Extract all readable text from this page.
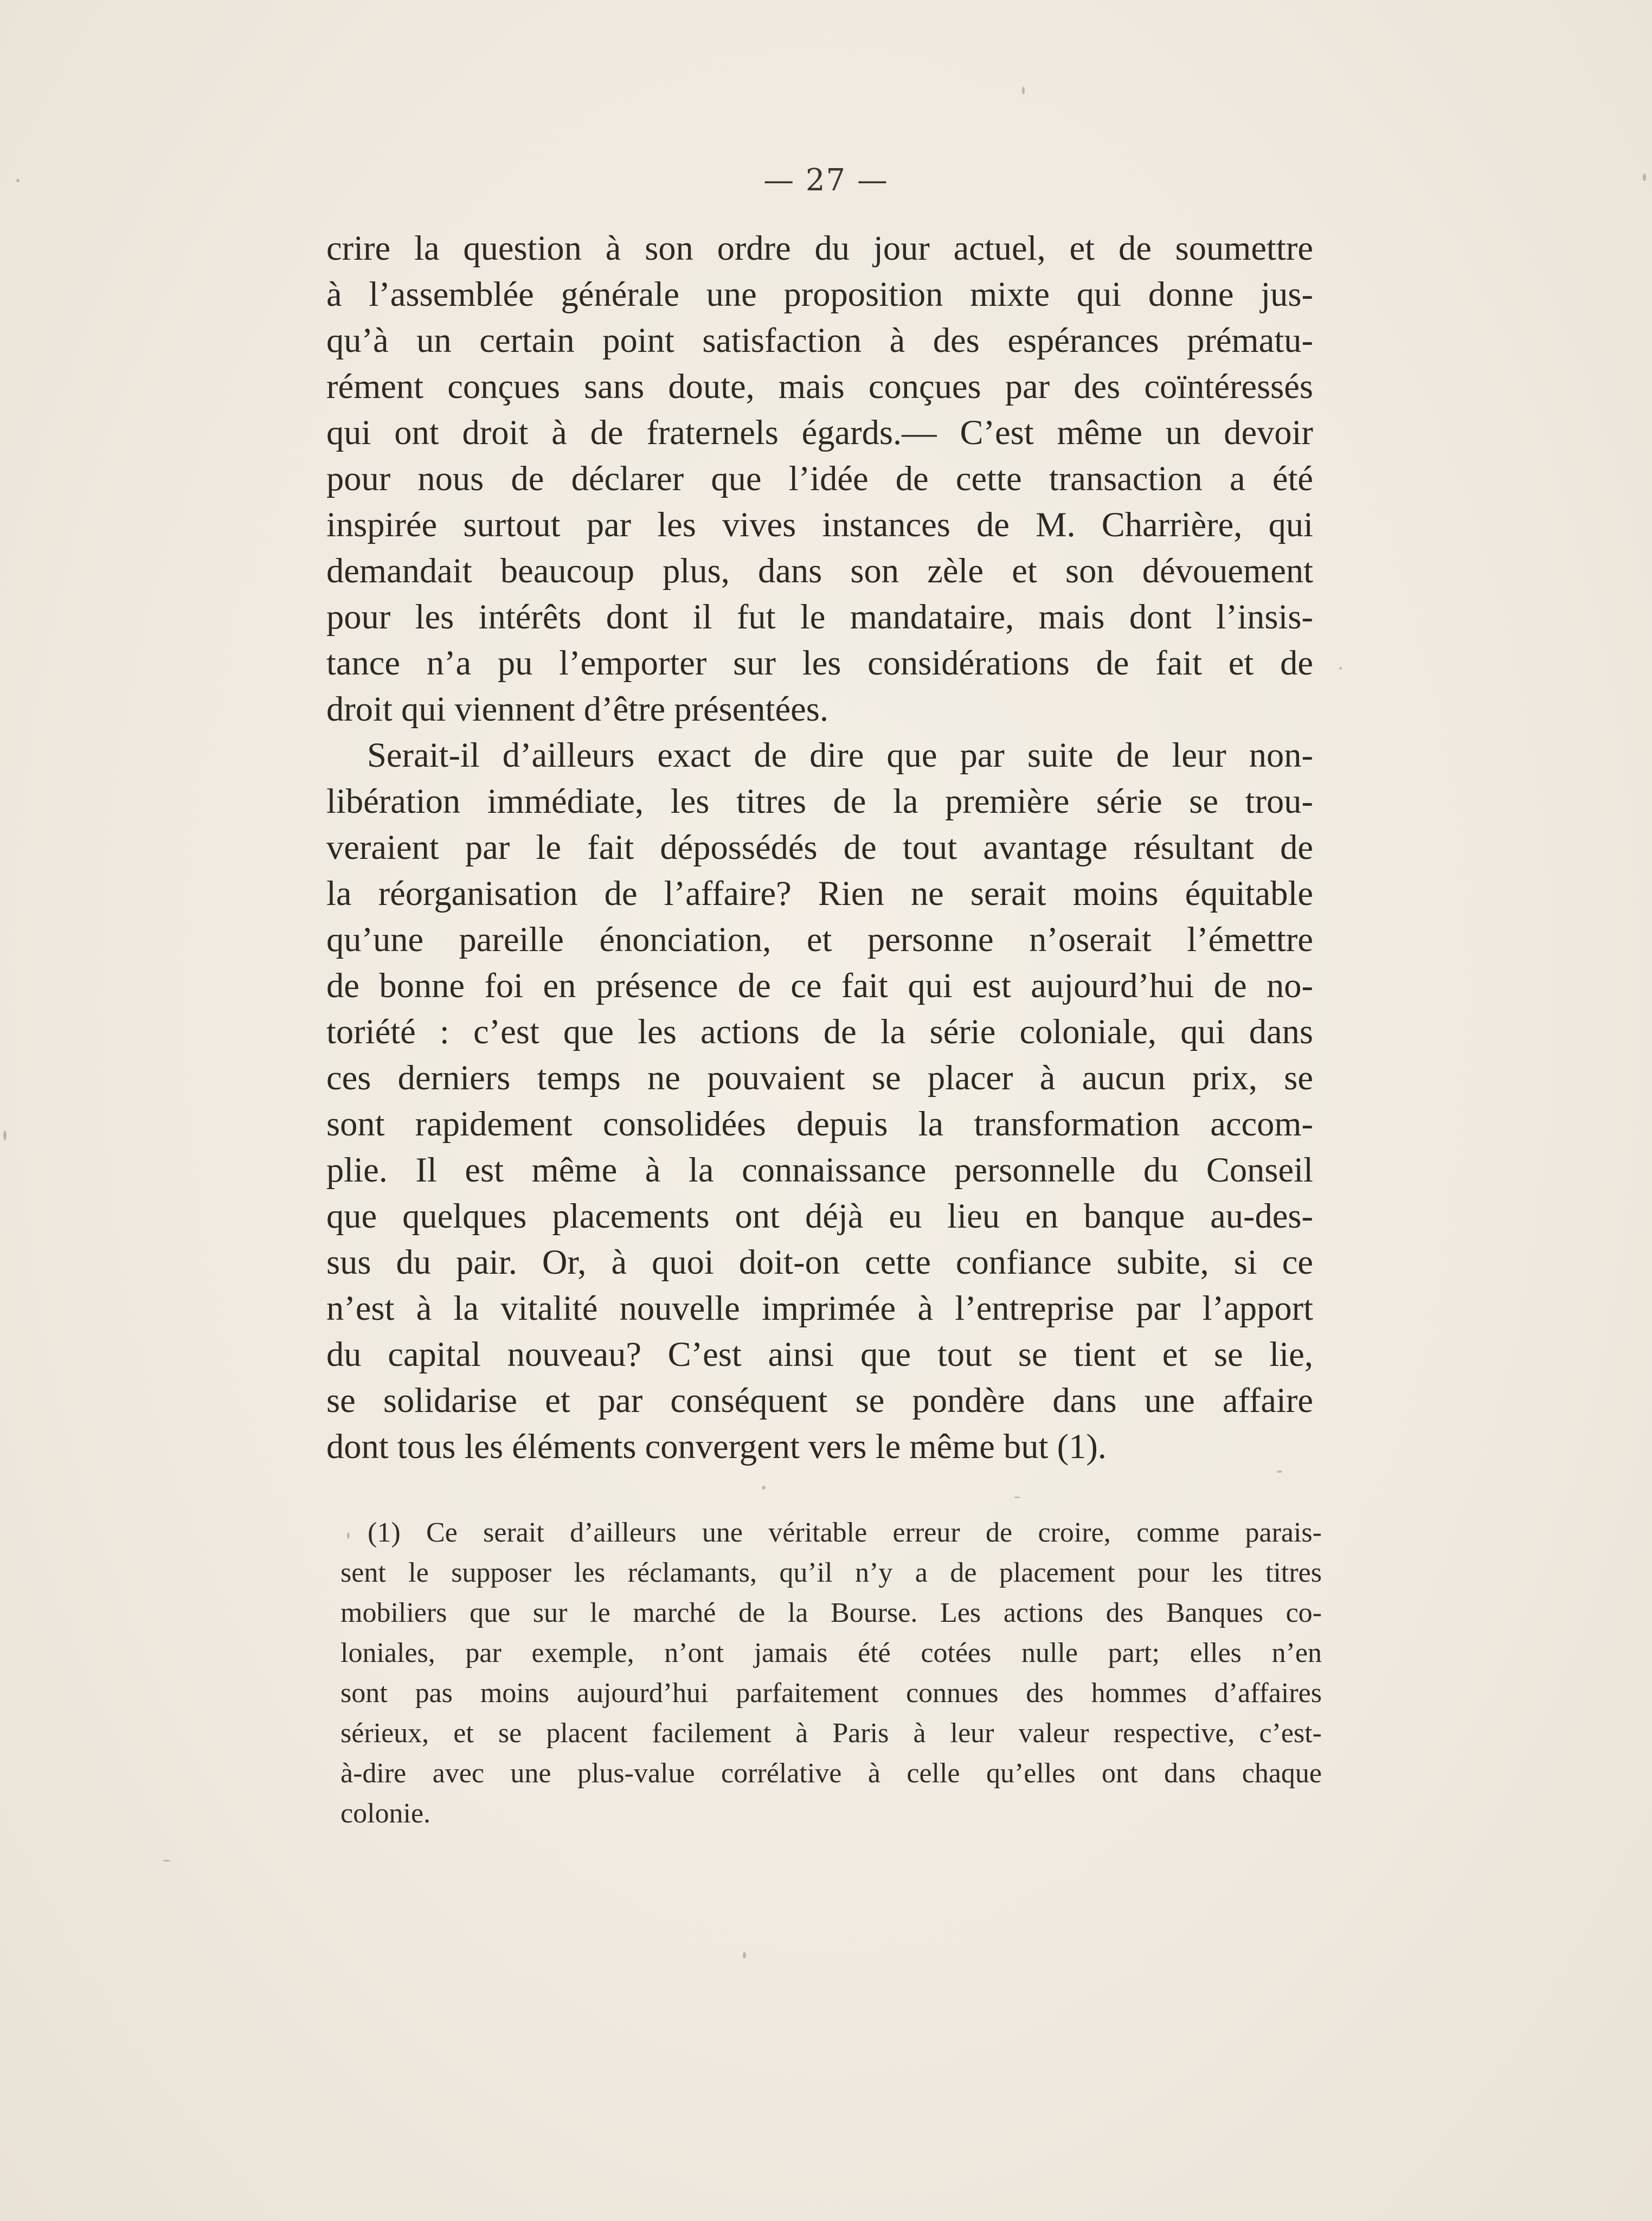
— 27 —
crire la question à son ordre du jour actuel, et de soumettre
à l’assemblée générale une proposition mixte qui donne jus-
qu’à un certain point satisfaction à des espérances prématu-
rément conçues sans doute, mais conçues par des coïntéressés
qui ont droit à de fraternels égards.— C’est même un devoir
pour nous de déclarer que l’idée de cette transaction a été
inspirée surtout par les vives instances de M. Charrière, qui
demandait beaucoup plus, dans son zèle et son dévouement
pour les intérêts dont il fut le mandataire, mais dont l’insis-
tance n’a pu l’emporter sur les considérations de fait et de
droit qui viennent d’être présentées.
Serait-il d’ailleurs exact de dire que par suite de leur non-
libération immédiate, les titres de la première série se trou-
veraient par le fait dépossédés de tout avantage résultant de
la réorganisation de l’affaire? Rien ne serait moins équitable
qu’une pareille énonciation, et personne n’oserait l’émettre
de bonne foi en présence de ce fait qui est aujourd’hui de no-
toriété : c’est que les actions de la série coloniale, qui dans
ces derniers temps ne pouvaient se placer à aucun prix, se
sont rapidement consolidées depuis la transformation accom-
plie. Il est même à la connaissance personnelle du Conseil
que quelques placements ont déjà eu lieu en banque au-des-
sus du pair. Or, à quoi doit-on cette confiance subite, si ce
n’est à la vitalité nouvelle imprimée à l’entreprise par l’apport
du capital nouveau? C’est ainsi que tout se tient et se lie,
se solidarise et par conséquent se pondère dans une affaire
dont tous les éléments convergent vers le même but (1).
(1) Ce serait d’ailleurs une véritable erreur de croire, comme parais-
sent le supposer les réclamants, qu’il n’y a de placement pour les titres
mobiliers que sur le marché de la Bourse. Les actions des Banques co-
loniales, par exemple, n’ont jamais été cotées nulle part; elles n’en
sont pas moins aujourd’hui parfaitement connues des hommes d’affaires
sérieux, et se placent facilement à Paris à leur valeur respective, c’est-
à-dire avec une plus-value corrélative à celle qu’elles ont dans chaque
colonie.
